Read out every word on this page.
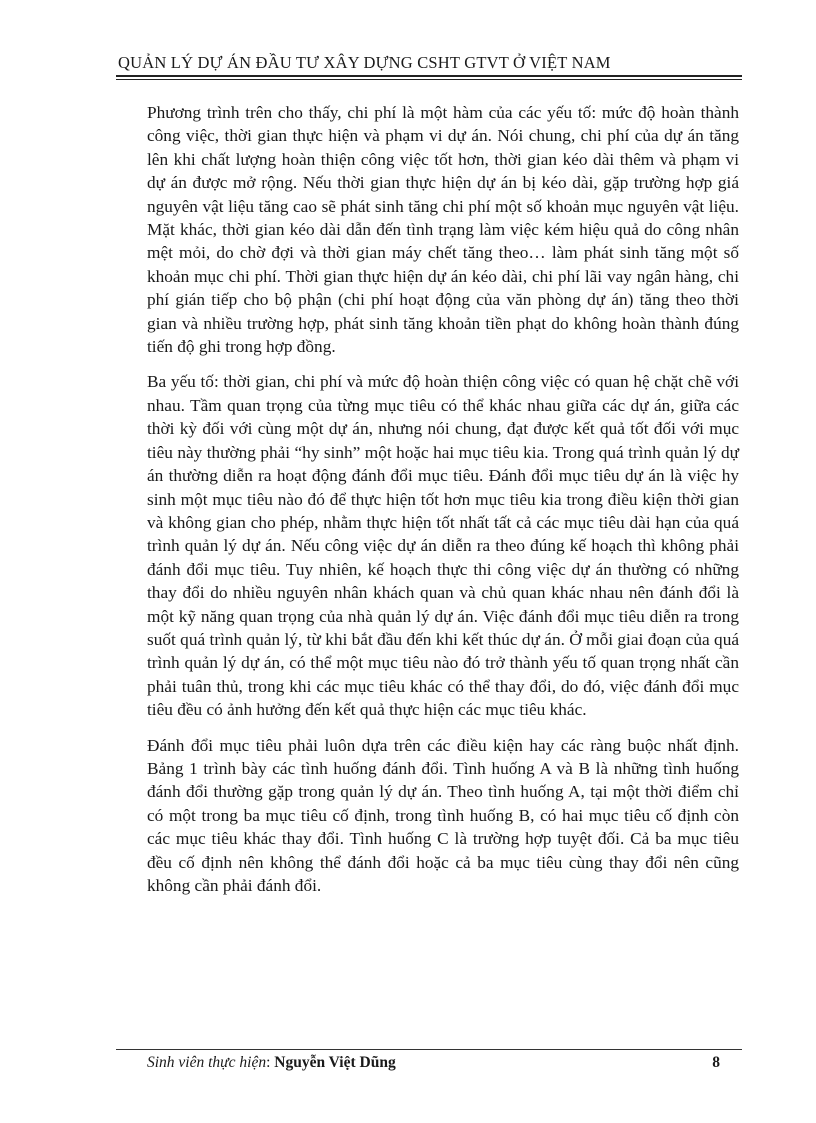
QUẢN LÝ DỰ ÁN ĐẦU TƯ XÂY DỰNG CSHT GTVT Ở VIỆT NAM

Phương trình trên cho thấy, chi phí là một hàm của các yếu tố: mức độ hoàn thành công việc, thời gian thực hiện và phạm vi dự án. Nói chung, chi phí của dự án tăng lên khi chất lượng hoàn thiện công việc tốt hơn, thời gian kéo dài thêm và phạm vi dự án được mở rộng. Nếu thời gian thực hiện dự án bị kéo dài, gặp trường hợp giá nguyên vật liệu tăng cao sẽ phát sinh tăng chi phí một số khoản mục nguyên vật liệu. Mặt khác, thời gian kéo dài dẫn đến tình trạng làm việc kém hiệu quả do công nhân mệt mỏi, do chờ đợi và thời gian máy chết tăng theo… làm phát sinh tăng một số khoản mục chi phí. Thời gian thực hiện dự án kéo dài, chi phí lãi vay ngân hàng, chi phí gián tiếp cho bộ phận (chi phí hoạt động của văn phòng dự án) tăng theo thời gian và nhiều trường hợp, phát sinh tăng khoản tiền phạt do không hoàn thành đúng tiến độ ghi trong hợp đồng.

Ba yếu tố: thời gian, chi phí và mức độ hoàn thiện công việc có quan hệ chặt chẽ với nhau. Tầm quan trọng của từng mục tiêu có thể khác nhau giữa các dự án, giữa các thời kỳ đối với cùng một dự án, nhưng nói chung, đạt được kết quả tốt đối với mục tiêu này thường phải “hy sinh” một hoặc hai mục tiêu kia. Trong quá trình quản lý dự án thường diễn ra hoạt động đánh đổi mục tiêu. Đánh đổi mục tiêu dự án là việc hy sinh một mục tiêu nào đó để thực hiện tốt hơn mục tiêu kia trong điều kiện thời gian và không gian cho phép, nhằm thực hiện tốt nhất tất cả các mục tiêu dài hạn của quá trình quản lý dự án. Nếu công việc dự án diễn ra theo đúng kế hoạch thì không phải đánh đổi mục tiêu. Tuy nhiên, kế hoạch thực thi công việc dự án thường có những thay đổi do nhiều nguyên nhân khách quan và chủ quan khác nhau nên đánh đổi là một kỹ năng quan trọng của nhà quản lý dự án. Việc đánh đổi mục tiêu diễn ra trong suốt quá trình quản lý, từ khi bắt đầu đến khi kết thúc dự án. Ở mỗi giai đoạn của quá trình quản lý dự án, có thể một mục tiêu nào đó trở thành yếu tố quan trọng nhất cần phải tuân thủ, trong khi các mục tiêu khác có thể thay đổi, do đó, việc đánh đổi mục tiêu đều có ảnh hưởng đến kết quả thực hiện các mục tiêu khác.

Đánh đổi mục tiêu phải luôn dựa trên các điều kiện hay các ràng buộc nhất định. Bảng 1 trình bày các tình huống đánh đổi. Tình huống A và B là những tình huống đánh đổi thường gặp trong quản lý dự án. Theo tình huống A, tại một thời điểm chỉ có một trong ba mục tiêu cố định, trong tình huống B, có hai mục tiêu cố định còn các mục tiêu khác thay đổi. Tình huống C là trường hợp tuyệt đối. Cả ba mục tiêu đều cố định nên không thể đánh đổi hoặc cả ba mục tiêu cùng thay đổi nên cũng không cần phải đánh đổi.

Sinh viên thực hiện: Nguyễn Việt Dũng	8
